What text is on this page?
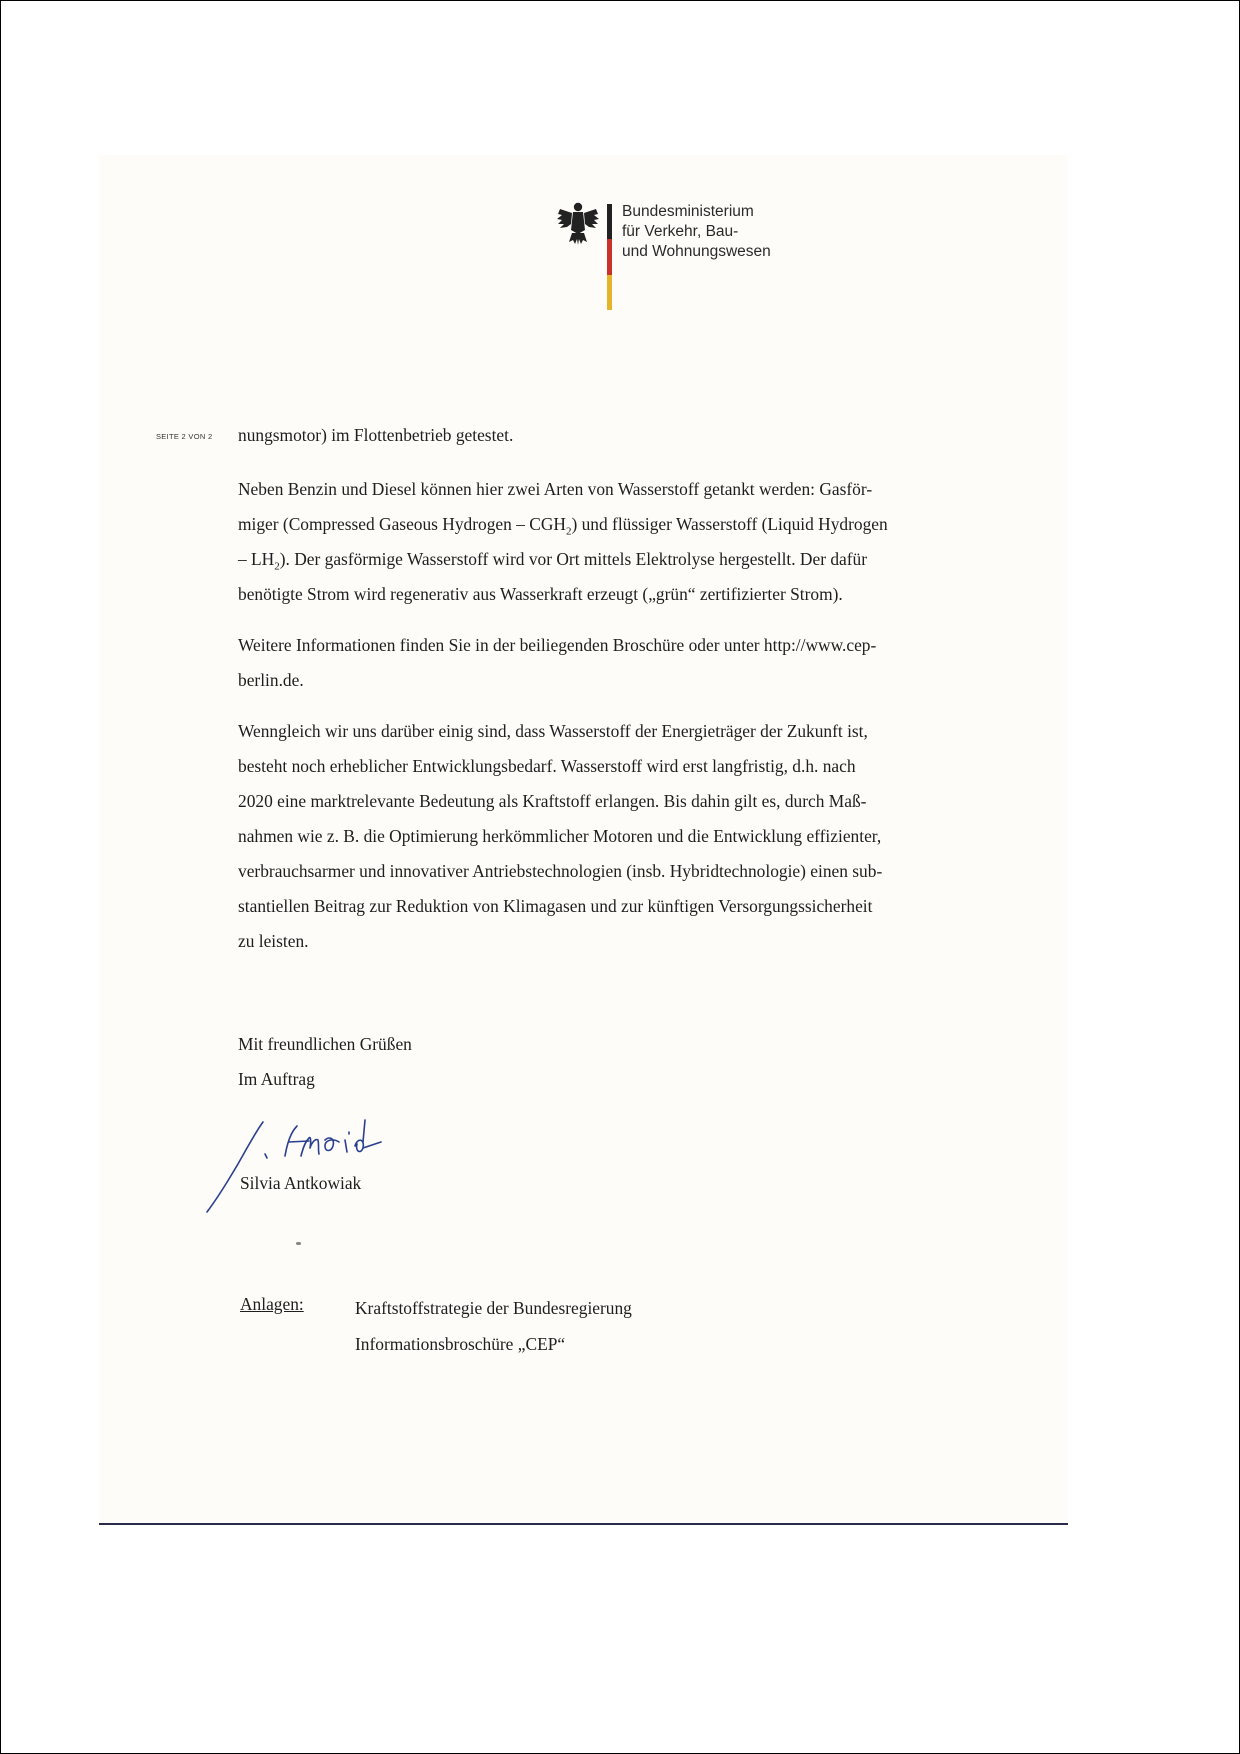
Bundesministerium
für Verkehr, Bau-
und Wohnungswesen
SEITE 2 VON 2 nungsmotor) im Flottenbetrieb getestet.
Neben Benzin und Diesel können hier zwei Arten von Wasserstoff getankt werden: Gasför-
miger (Compressed Gaseous Hydrogen – $CGH_2$) und flüssiger Wasserstoff (Liquid Hydrogen
– $LH_2$). Der gasförmige Wasserstoff wird vor Ort mittels Elektrolyse hergestellt. Der dafür
benötigte Strom wird regenerativ aus Wasserkraft erzeugt („grün“ zertifizierter Strom).
Weitere Informationen finden Sie in der beiliegenden Broschüre oder unter http://www.cep-
berlin.de.
Wenngleich wir uns darüber einig sind, dass Wasserstoff der Energieträger der Zukunft ist,
besteht noch erheblicher Entwicklungsbedarf. Wasserstoff wird erst langfristig, d.h. nach
2020 eine marktrelevante Bedeutung als Kraftstoff erlangen. Bis dahin gilt es, durch Maß-
nahmen wie z. B. die Optimierung herkömmlicher Motoren und die Entwicklung effizienter,
verbrauchsarmer und innovativer Antriebstechnologien (insb. Hybridtechnologie) einen sub-
stantiellen Beitrag zur Reduktion von Klimagasen und zur künftigen Versorgungssicherheit
zu leisten.
Mit freundlichen Grüßen
Im Auftrag
Silvia Antkowiak
Anlagen:	Kraftstoffstrategie der Bundesregierung
Informationsbroschüre „CEP“
